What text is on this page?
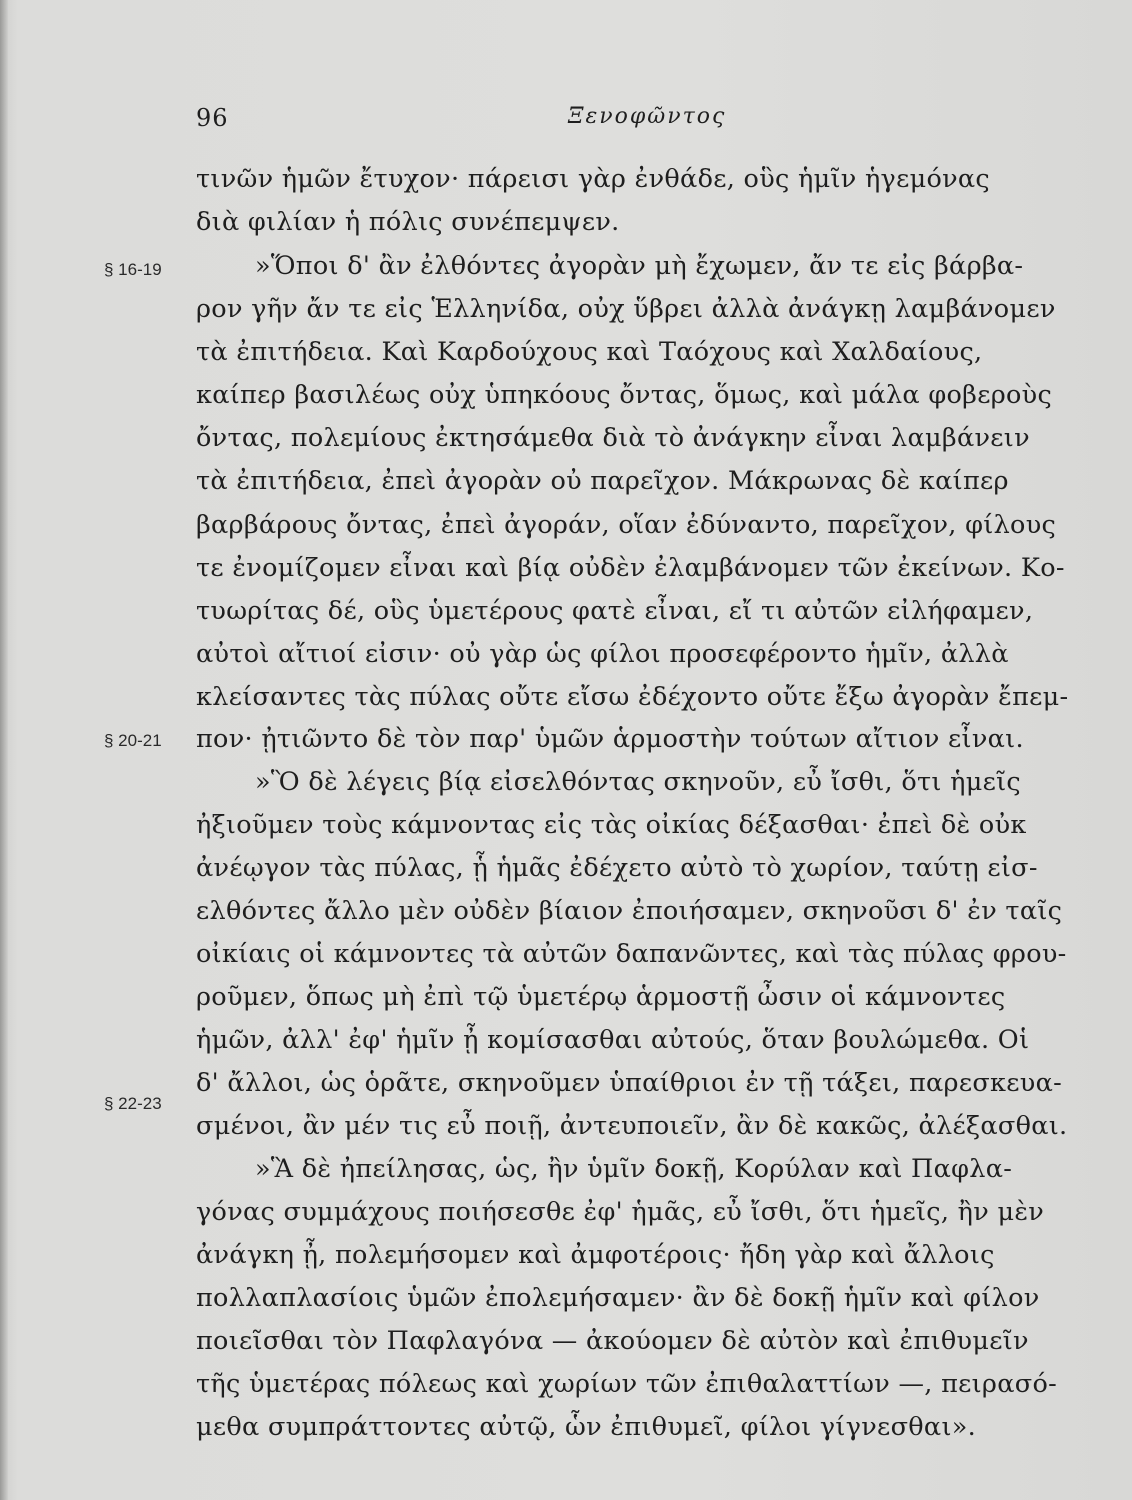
96	Ξενοφῶντος
§ 16-19
§ 20-21
§ 22-23
τινῶν ἡμῶν ἔτυχον· πάρεισι γὰρ ἐνθάδε, οὓς ἡμῖν ἡγεμόνας
διὰ φιλίαν ἡ πόλις συνέπεμψεν.
»Ὅποι δ' ἂν ἐλθόντες ἀγορὰν μὴ ἔχωμεν, ἄν τε εἰς βάρβα-
ρον γῆν ἄν τε εἰς Ἑλληνίδα, οὐχ ὕβρει ἀλλὰ ἀνάγκῃ λαμβάνομεν
τὰ ἐπιτήδεια. Καὶ Καρδούχους καὶ Ταόχους καὶ Χαλδαίους,
καίπερ βασιλέως οὐχ ὑπηκόους ὄντας, ὅμως, καὶ μάλα φοβεροὺς
ὄντας, πολεμίους ἐκτησάμεθα διὰ τὸ ἀνάγκην εἶναι λαμβάνειν
τὰ ἐπιτήδεια, ἐπεὶ ἀγορὰν οὐ παρεῖχον. Μάκρωνας δὲ καίπερ
βαρβάρους ὄντας, ἐπεὶ ἀγοράν, οἵαν ἐδύναντο, παρεῖχον, φίλους
τε ἐνομίζομεν εἶναι καὶ βίᾳ οὐδὲν ἐλαμβάνομεν τῶν ἐκείνων. Κο-
τυωρίτας δέ, οὓς ὑμετέρους φατὲ εἶναι, εἴ τι αὐτῶν εἰλήφαμεν,
αὐτοὶ αἴτιοί εἰσιν· οὐ γὰρ ὡς φίλοι προσεφέροντο ἡμῖν, ἀλλὰ
κλείσαντες τὰς πύλας οὔτε εἴσω ἐδέχοντο οὔτε ἔξω ἀγορὰν ἔπεμ-
πον· ᾐτιῶντο δὲ τὸν παρ' ὑμῶν ἁρμοστὴν τούτων αἴτιον εἶναι.
»Ὃ δὲ λέγεις βίᾳ εἰσελθόντας σκηνοῦν, εὖ ἴσθι, ὅτι ἡμεῖς
ἠξιοῦμεν τοὺς κάμνοντας εἰς τὰς οἰκίας δέξασθαι· ἐπεὶ δὲ οὐκ
ἀνέῳγον τὰς πύλας, ᾗ ἡμᾶς ἐδέχετο αὐτὸ τὸ χωρίον, ταύτῃ εἰσ-
ελθόντες ἄλλο μὲν οὐδὲν βίαιον ἐποιήσαμεν, σκηνοῦσι δ' ἐν ταῖς
οἰκίαις οἱ κάμνοντες τὰ αὐτῶν δαπανῶντες, καὶ τὰς πύλας φρου-
ροῦμεν, ὅπως μὴ ἐπὶ τῷ ὑμετέρῳ ἁρμοστῇ ὦσιν οἱ κάμνοντες
ἡμῶν, ἀλλ' ἐφ' ἡμῖν ᾖ κομίσασθαι αὐτούς, ὅταν βουλώμεθα. Οἱ
δ' ἄλλοι, ὡς ὁρᾶτε, σκηνοῦμεν ὑπαίθριοι ἐν τῇ τάξει, παρεσκευα-
σμένοι, ἂν μέν τις εὖ ποιῇ, ἀντευποιεῖν, ἂν δὲ κακῶς, ἀλέξασθαι.
»Ἃ δὲ ἠπείλησας, ὡς, ἢν ὑμῖν δοκῇ, Κορύλαν καὶ Παφλα-
γόνας συμμάχους ποιήσεσθε ἐφ' ἡμᾶς, εὖ ἴσθι, ὅτι ἡμεῖς, ἢν μὲν
ἀνάγκη ᾖ, πολεμήσομεν καὶ ἀμφοτέροις· ἤδη γὰρ καὶ ἄλλοις
πολλαπλασίοις ὑμῶν ἐπολεμήσαμεν· ἂν δὲ δοκῇ ἡμῖν καὶ φίλον
ποιεῖσθαι τὸν Παφλαγόνα — ἀκούομεν δὲ αὐτὸν καὶ ἐπιθυμεῖν
τῆς ὑμετέρας πόλεως καὶ χωρίων τῶν ἐπιθαλαττίων —, πειρασό-
μεθα συμπράττοντες αὐτῷ, ὧν ἐπιθυμεῖ, φίλοι γίγνεσθαι».
